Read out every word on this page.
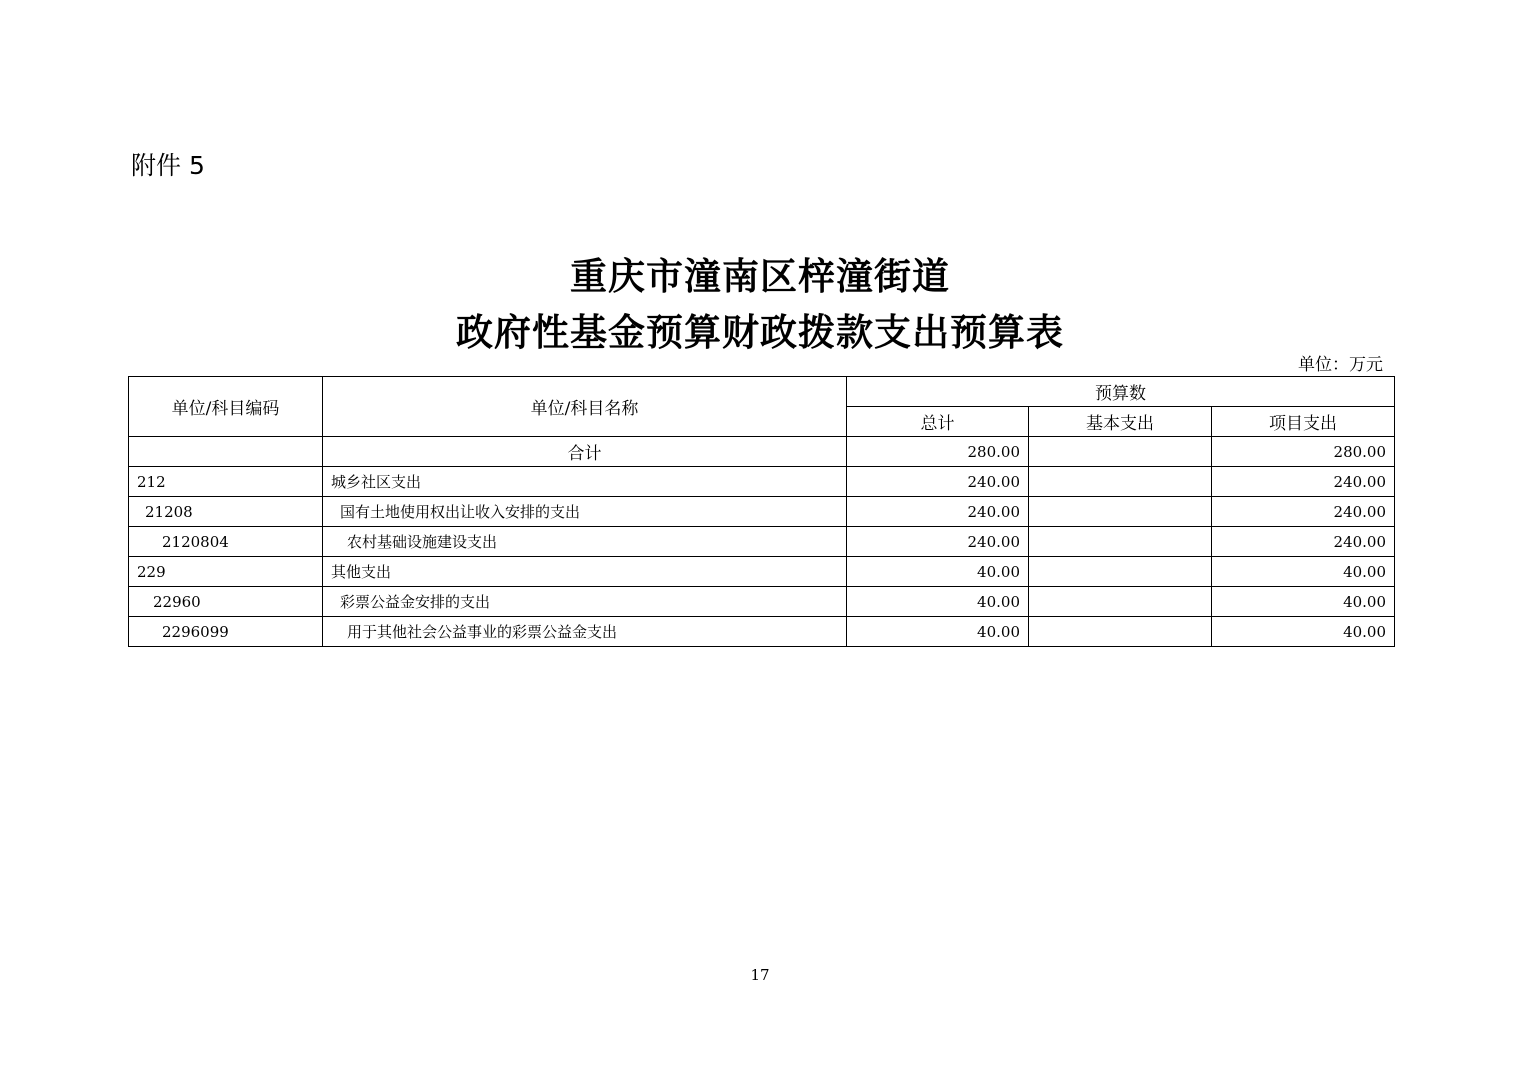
附件 5
重庆市潼南区梓潼街道
政府性基金预算财政拨款支出预算表
单位：万元
单位/科目编码	单位/科目名称	预算数		
		总计	基本支出	项目支出
	合计	280.00		280.00
212	城乡社区支出	240.00		240.00
21208	国有土地使用权出让收入安排的支出	240.00		240.00
2120804	农村基础设施建设支出	240.00		240.00
229	其他支出	40.00		40.00
22960	彩票公益金安排的支出	40.00		40.00
2296099	用于其他社会公益事业的彩票公益金支出	40.00		40.00
17
